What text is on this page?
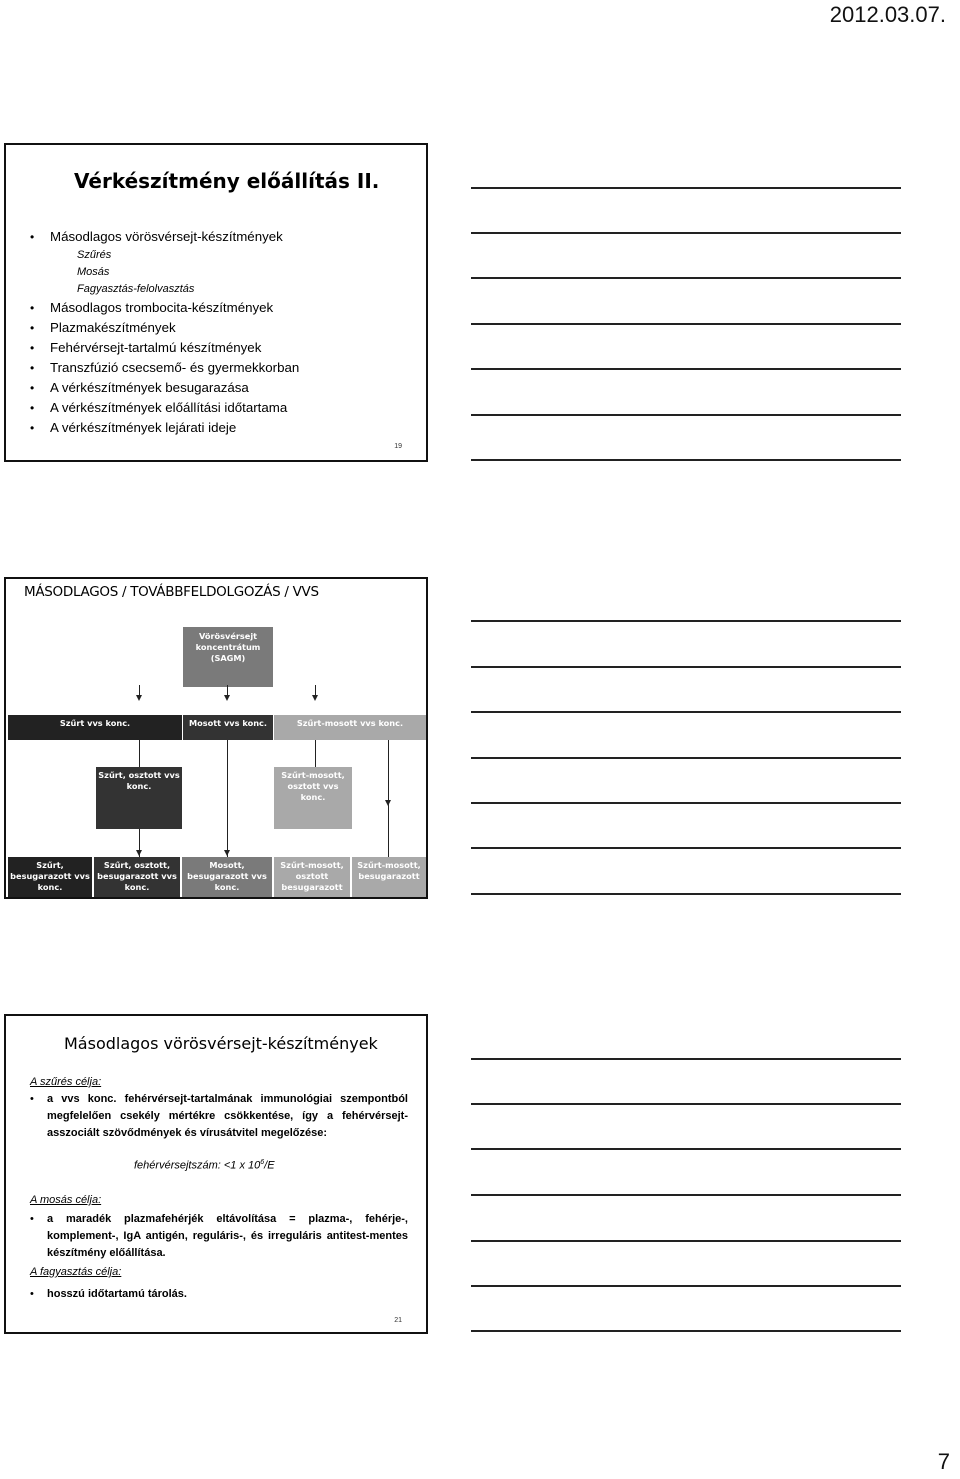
2012.03.07.
Vérkészítmény előállítás II.
• Másodlagos vörösvérsejt-készítmények
Szűrés
Mosás
Fagyasztás-felolvasztás
• Másodlagos trombocita-készítmények
• Plazmakészítmények
• Fehérvérsejt-tartalmú készítmények
• Transzfúzió csecsemő- és gyermekkorban
• A vérkészítmények besugarazása
• A vérkészítmények előállítási időtartama
• A vérkészítmények lejárati ideje
19
MÁSODLAGOS / TOVÁBBFELDOLGOZÁS / VVS
Vörösvérsejt koncentrátum (SAGM)
Szűrt vvs konc.	Mosott vvs konc.	Szűrt-mosott vvs konc.
Szűrt, osztott vvs konc.
Szűrt-mosott, osztott vvs konc.
Szűrt, besugarazott vvs konc.
Szűrt, osztott, besugarazott vvs konc.
Mosott, besugarazott vvs konc.
Szűrt-mosott, osztott besugarazott
Szűrt-mosott, besugarazott
Másodlagos vörösvérsejt-készítmények
A szűrés célja:
• a vvs konc. fehérvérsejt-tartalmának immunológiai szempontból megfelelően csekély mértékre csökkentése, így a fehérvérsejt-asszociált szövődmények és vírusátvitel megelőzése:
fehérvérsejtszám: <1 x $10^6/E$
A mosás célja:
• a maradék plazmafehérjék eltávolítása = plazma-, fehérje-, komplement-, IgA antigén, reguláris-, és irreguláris antitest-mentes készítmény előállítása.
A fagyasztás célja:
• hosszú időtartamú tárolás.
21
7
